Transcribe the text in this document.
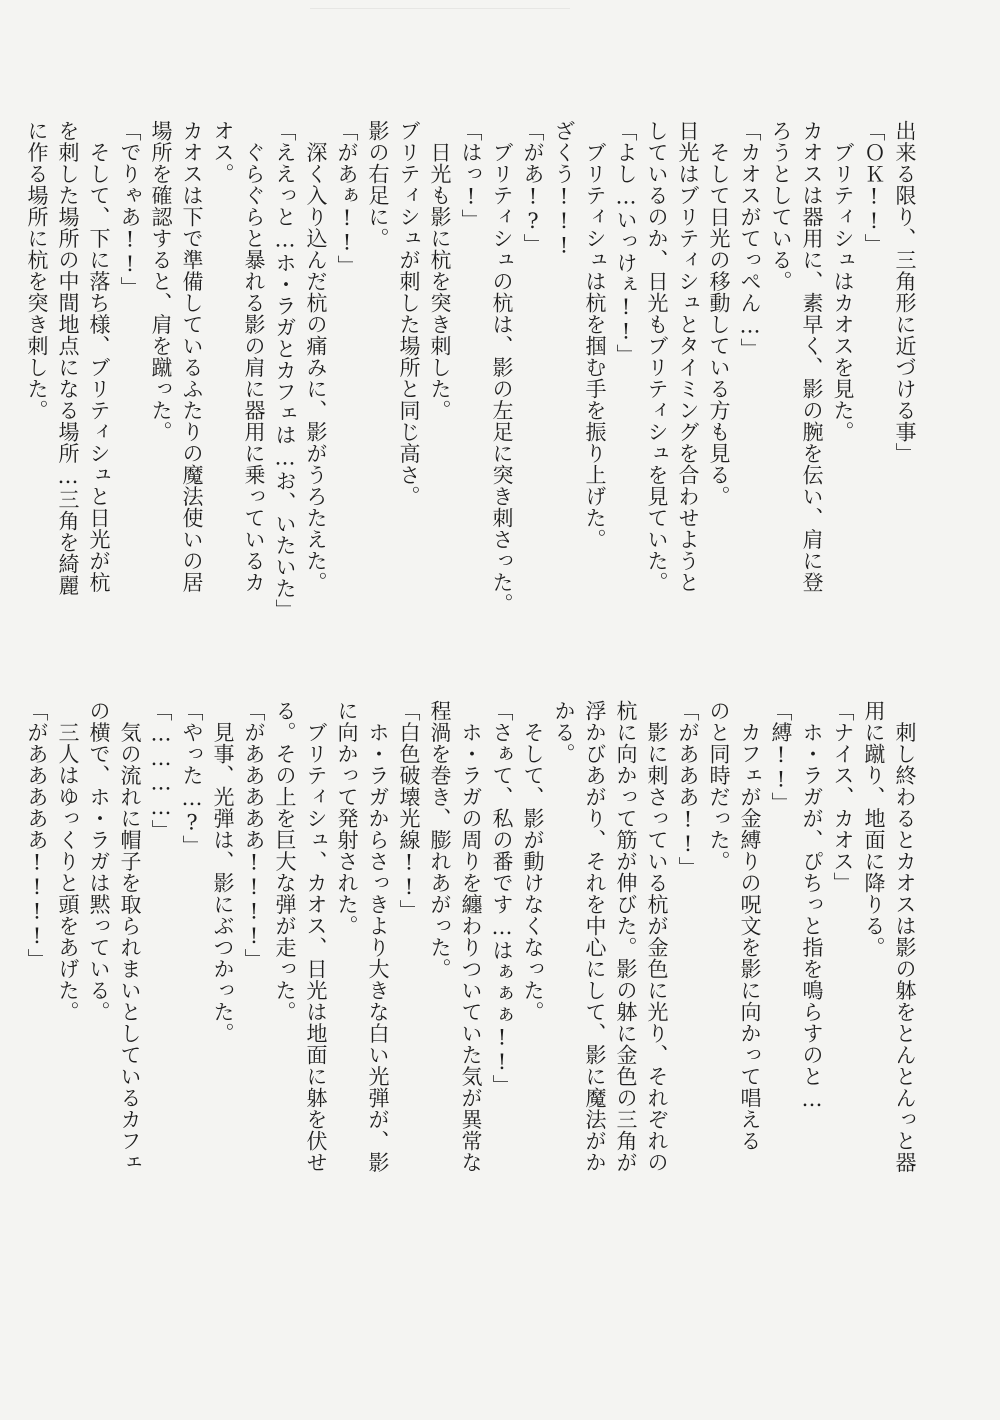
出来る限り、三角形に近づける事」
「ＯＫ!!」
　ブリティシュはカオスを見た。
カオスは器用に、素早く、影の腕を伝い、肩に登
ろうとしている。
「カオスがてっぺん…」
　そして日光の移動している方も見る。
日光はブリティシュとタイミングを合わせようと
しているのか、日光もブリティシュを見ていた。
「よし…いっけぇ!!」
　ブリティシュは杭を掴む手を振り上げた。
ざくう!!!
「があ!?」
　ブリティシュの杭は、影の左足に突き刺さった。
「はっ!」
　日光も影に杭を突き刺した。
ブリティシュが刺した場所と同じ高さ。
影の右足に。
「があぁ!!」
　深く入り込んだ杭の痛みに、影がうろたえた。
「ええっと…ホ・ラガとカフェは…お、いたいた」
　ぐらぐらと暴れる影の肩に器用に乗っているカ
オス。
カオスは下で準備しているふたりの魔法使いの居
場所を確認すると、肩を蹴った。
「でりゃあ!!」
　そして、下に落ち様、ブリティシュと日光が杭
を刺した場所の中間地点になる場所…三角を綺麗
に作る場所に杭を突き刺した。
　刺し終わるとカオスは影の躰をとんとんっと器
用に蹴り、地面に降りる。
「ナイス、カオス」
　ホ・ラガが、ぴちっと指を鳴らすのと…
「縛!!」
　カフェが金縛りの呪文を影に向かって唱える
のと同時だった。
「があああ!!」
　影に刺さっている杭が金色に光り、それぞれの
杭に向かって筋が伸びた。影の躰に金色の三角が
浮かびあがり、それを中心にして、影に魔法がか
かる。
　そして、影が動けなくなった。
「さぁて、私の番です…はぁぁぁ!!」
　ホ・ラガの周りを纏わりついていた気が異常な
程渦を巻き、膨れあがった。
「白色破壊光線!!」
　ホ・ラガからさっきより大きな白い光弾が、影
に向かって発射された。
　ブリティシュ、カオス、日光は地面に躰を伏せ
る。その上を巨大な弾が走った。
「があああああ!!!!」
　見事、光弾は、影にぶつかった。
「やった…?」
「…………」
　気の流れに帽子を取られまいとしているカフェ
の横で、ホ・ラガは黙っている。
　三人はゆっくりと頭をあげた。
「があああああ!!!!」
